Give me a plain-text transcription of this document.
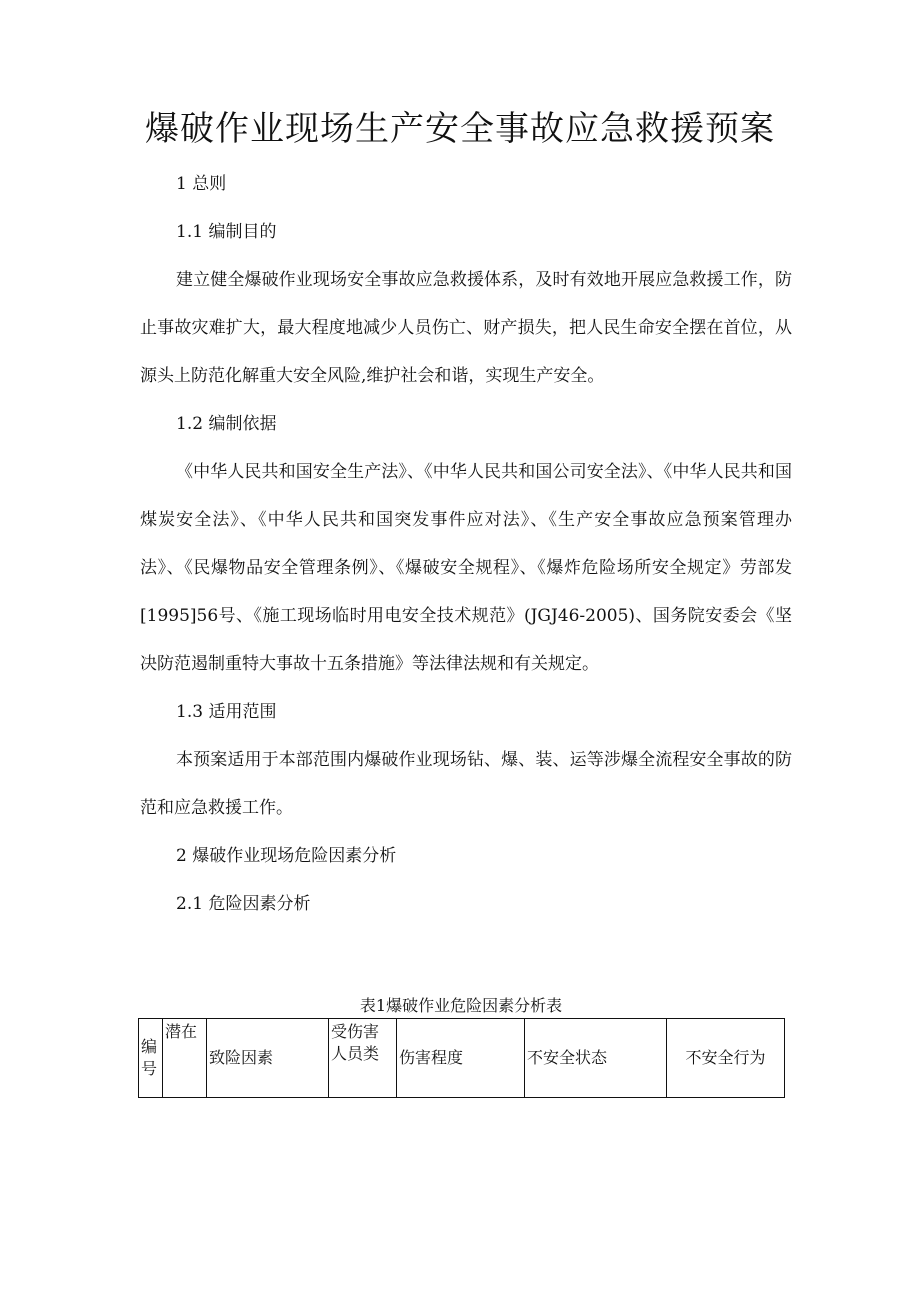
爆破作业现场生产安全事故应急救援预案

1 总则

1.1 编制目的

建立健全爆破作业现场安全事故应急救援体系，及时有效地开展应急救援工作，防止事故灾难扩大，最大程度地减少人员伤亡、财产损失，把人民生命安全摆在首位，从源头上防范化解重大安全风险,维护社会和谐，实现生产安全。

1.2 编制依据

《中华人民共和国安全生产法》、《中华人民共和国公司安全法》、《中华人民共和国煤炭安全法》、《中华人民共和国突发事件应对法》、《生产安全事故应急预案管理办法》、《民爆物品安全管理条例》、《爆破安全规程》、《爆炸危险场所安全规定》劳部发[1995]56号、《施工现场临时用电安全技术规范》(JGJ46-2005)、国务院安委会《坚决防范遏制重特大事故十五条措施》等法律法规和有关规定。

1.3 适用范围

本预案适用于本部范围内爆破作业现场钻、爆、装、运等涉爆全流程安全事故的防范和应急救援工作。

2 爆破作业现场危险因素分析

2.1 危险因素分析

表1爆破作业危险因素分析表
编号	潜在	致险因素	受伤害人员类	伤害程度	不安全状态	不安全行为
